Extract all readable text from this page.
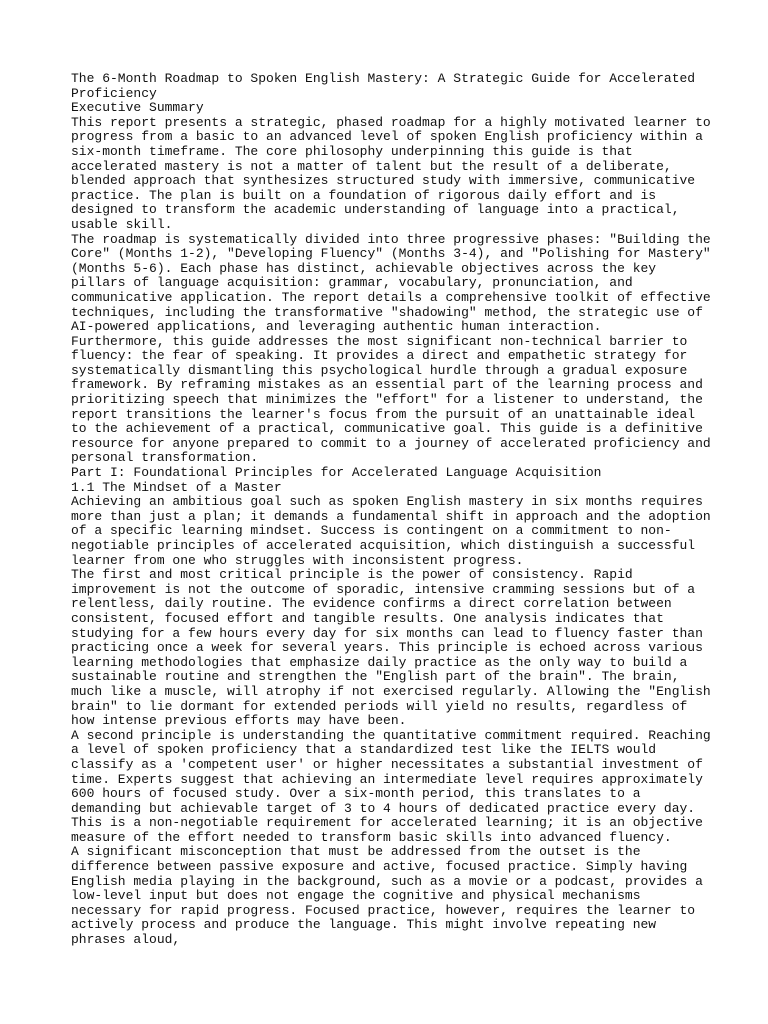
The 6-Month Roadmap to Spoken English Mastery: A Strategic Guide for Accelerated Proficiency
Executive Summary
This report presents a strategic, phased roadmap for a highly motivated learner to progress from a basic to an advanced level of spoken English proficiency within a six-month timeframe. The core philosophy underpinning this guide is that accelerated mastery is not a matter of talent but the result of a deliberate, blended approach that synthesizes structured study with immersive, communicative practice. The plan is built on a foundation of rigorous daily effort and is designed to transform the academic understanding of language into a practical, usable skill.
The roadmap is systematically divided into three progressive phases: "Building the Core" (Months 1-2), "Developing Fluency" (Months 3-4), and "Polishing for Mastery" (Months 5-6). Each phase has distinct, achievable objectives across the key pillars of language acquisition: grammar, vocabulary, pronunciation, and communicative application. The report details a comprehensive toolkit of effective techniques, including the transformative "shadowing" method, the strategic use of AI-powered applications, and leveraging authentic human interaction.
Furthermore, this guide addresses the most significant non-technical barrier to fluency: the fear of speaking. It provides a direct and empathetic strategy for systematically dismantling this psychological hurdle through a gradual exposure framework. By reframing mistakes as an essential part of the learning process and prioritizing speech that minimizes the "effort" for a listener to understand, the report transitions the learner's focus from the pursuit of an unattainable ideal to the achievement of a practical, communicative goal. This guide is a definitive resource for anyone prepared to commit to a journey of accelerated proficiency and personal transformation.
Part I: Foundational Principles for Accelerated Language Acquisition
1.1 The Mindset of a Master
Achieving an ambitious goal such as spoken English mastery in six months requires more than just a plan; it demands a fundamental shift in approach and the adoption of a specific learning mindset. Success is contingent on a commitment to non-negotiable principles of accelerated acquisition, which distinguish a successful learner from one who struggles with inconsistent progress.
The first and most critical principle is the power of consistency. Rapid improvement is not the outcome of sporadic, intensive cramming sessions but of a relentless, daily routine. The evidence confirms a direct correlation between consistent, focused effort and tangible results. One analysis indicates that studying for a few hours every day for six months can lead to fluency faster than practicing once a week for several years. This principle is echoed across various learning methodologies that emphasize daily practice as the only way to build a sustainable routine and strengthen the "English part of the brain". The brain, much like a muscle, will atrophy if not exercised regularly. Allowing the "English brain" to lie dormant for extended periods will yield no results, regardless of how intense previous efforts may have been.
A second principle is understanding the quantitative commitment required. Reaching a level of spoken proficiency that a standardized test like the IELTS would classify as a 'competent user' or higher necessitates a substantial investment of time. Experts suggest that achieving an intermediate level requires approximately 600 hours of focused study. Over a six-month period, this translates to a demanding but achievable target of 3 to 4 hours of dedicated practice every day. This is a non-negotiable requirement for accelerated learning; it is an objective measure of the effort needed to transform basic skills into advanced fluency.
A significant misconception that must be addressed from the outset is the difference between passive exposure and active, focused practice. Simply having English media playing in the background, such as a movie or a podcast, provides a low-level input but does not engage the cognitive and physical mechanisms necessary for rapid progress. Focused practice, however, requires the learner to actively process and produce the language. This might involve repeating new phrases aloud,
